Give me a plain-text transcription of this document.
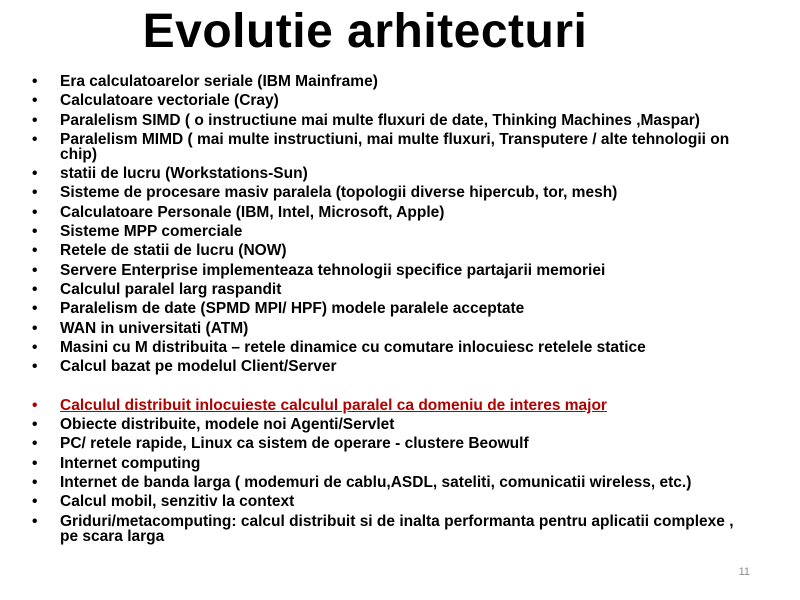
Evolutie arhitecturi
• Era calculatoarelor seriale (IBM Mainframe)
• Calculatoare vectoriale (Cray)
• Paralelism SIMD ( o instructiune mai multe fluxuri de date, Thinking Machines ,Maspar)
• Paralelism MIMD ( mai multe instructiuni, mai multe fluxuri, Transputere / alte tehnologii on chip)
• statii de lucru (Workstations-Sun)
• Sisteme de procesare masiv paralela (topologii diverse hipercub, tor, mesh)
• Calculatoare Personale (IBM, Intel, Microsoft, Apple)
• Sisteme MPP comerciale
• Retele de statii de lucru (NOW)
• Servere Enterprise implementeaza tehnologii specifice partajarii memoriei
• Calculul paralel larg raspandit
• Paralelism de date (SPMD MPI/ HPF) modele paralele acceptate
• WAN in universitati (ATM)
• Masini cu M distribuita – retele dinamice cu comutare inlocuiesc retelele statice
• Calcul bazat pe modelul Client/Server
• Calculul distribuit inlocuieste calculul paralel ca domeniu de interes major
• Obiecte distribuite, modele noi Agenti/Servlet
• PC/ retele rapide, Linux ca sistem de operare - clustere Beowulf
• Internet computing
• Internet de banda larga ( modemuri de cablu,ASDL, sateliti, comunicatii wireless, etc.)
• Calcul mobil, senzitiv la context
• Griduri/metacomputing: calcul distribuit si de inalta performanta pentru aplicatii complexe , pe scara larga
11
